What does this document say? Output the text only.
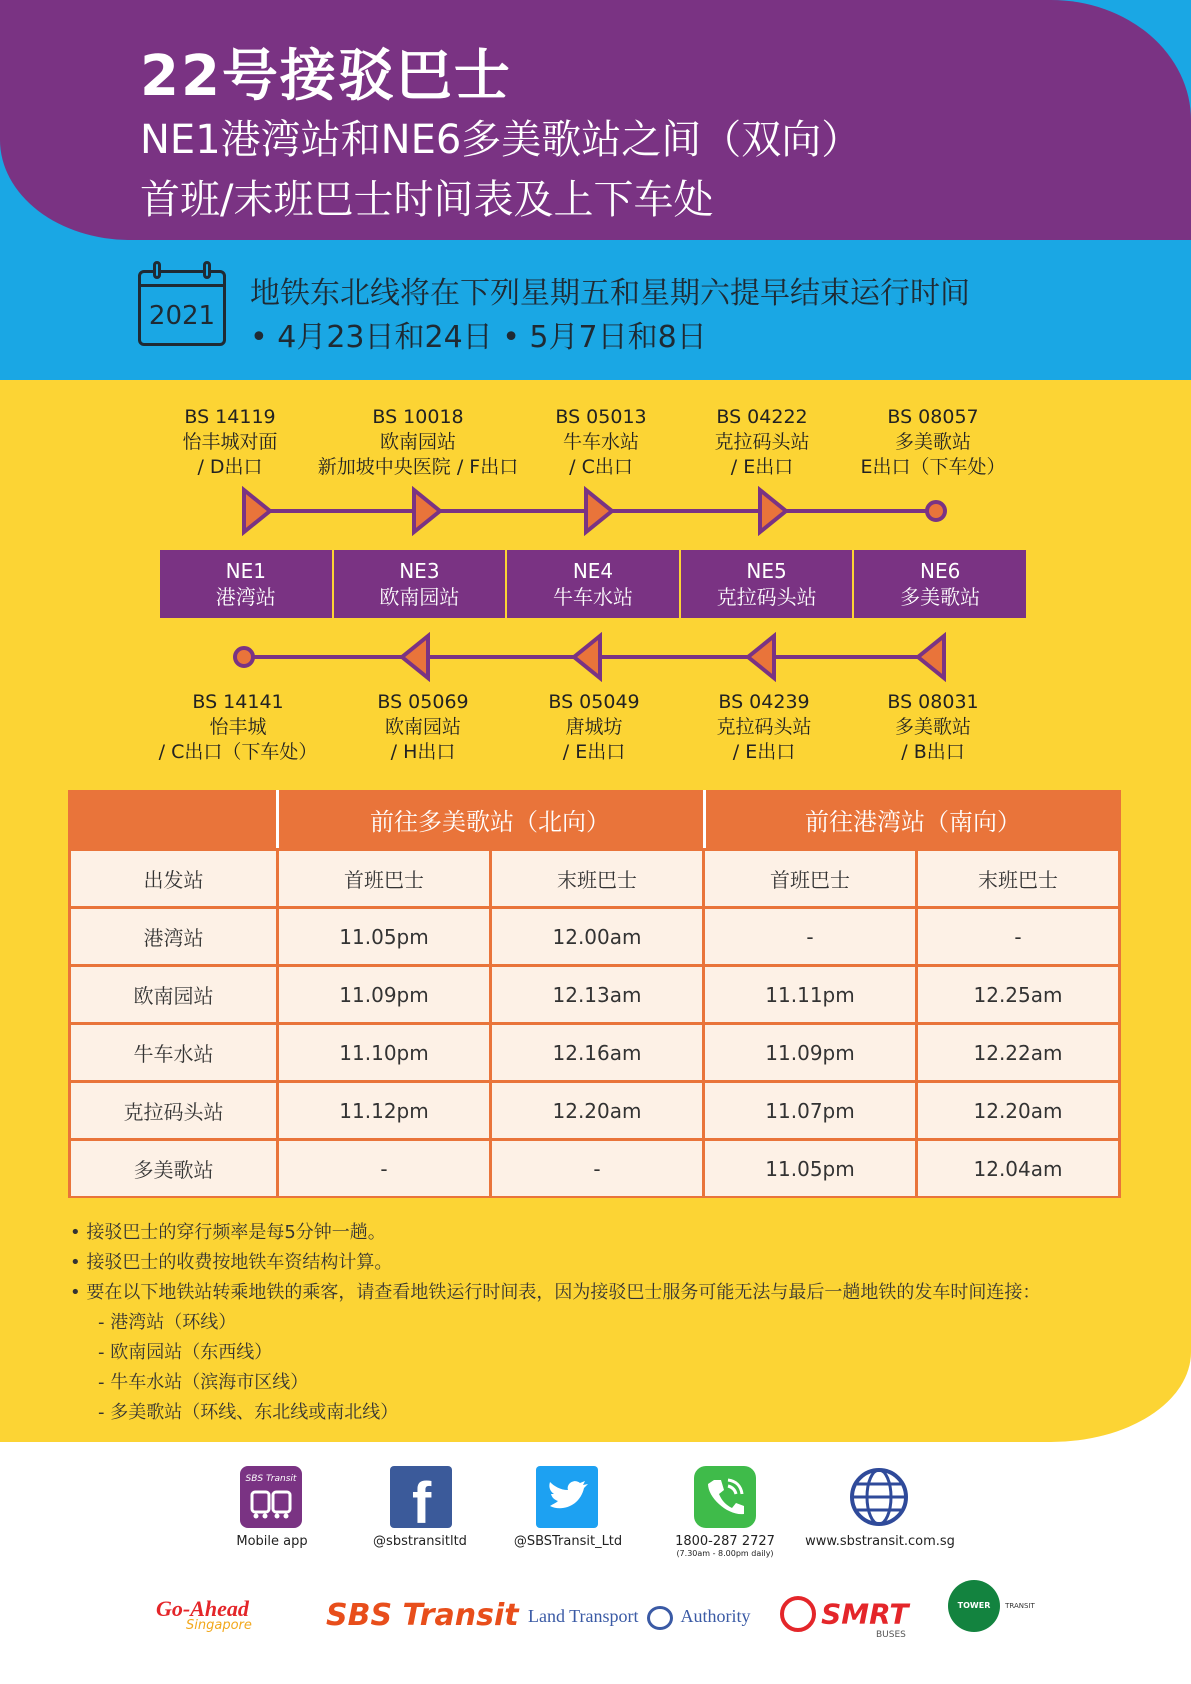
22号接驳巴士
NE1港湾站和NE6多美歌站之间（双向）
首班/末班巴士时间表及上下车处
2021
地铁东北线将在下列星期五和星期六提早结束运行时间
• 4月23日和24日 • 5月7日和8日
BS 14119
怡丰城对面
/ D出口
BS 10018
欧南园站
新加坡中央医院 / F出口
BS 05013
牛车水站
/ C出口
BS 04222
克拉码头站
/ E出口
BS 08057
多美歌站
E出口（下车处）
NE1
港湾站
NE3
欧南园站
NE4
牛车水站
NE5
克拉码头站
NE6
多美歌站
BS 14141
怡丰城
/ C出口（下车处）
BS 05069
欧南园站
/ H出口
BS 05049
唐城坊
/ E出口
BS 04239
克拉码头站
/ E出口
BS 08031
多美歌站
/ B出口
前往多美歌站（北向）	前往港湾站（南向）
出发站	首班巴士	末班巴士	首班巴士	末班巴士
港湾站	11.05pm	12.00am	-	-
欧南园站	11.09pm	12.13am	11.11pm	12.25am
牛车水站	11.10pm	12.16am	11.09pm	12.22am
克拉码头站	11.12pm	12.20am	11.07pm	12.20am
多美歌站	-	-	11.05pm	12.04am
• 接驳巴士的穿行频率是每5分钟一趟。
• 接驳巴士的收费按地铁车资结构计算。
• 要在以下地铁站转乘地铁的乘客，请查看地铁运行时间表，因为接驳巴士服务可能无法与最后一趟地铁的发车时间连接：
- 港湾站（环线）
- 欧南园站（东西线）
- 牛车水站（滨海市区线）
- 多美歌站（环线、东北线或南北线）
SBS Transit
Mobile app
f
@sbstransitltd	@SBSTransit_Ltd	1800-287 2727
(7.30am - 8.00pm daily)
www.sbstransit.com.sg
Go-Ahead
Singapore SBS Transit Land Transport Authority	SMRT
BUSES
TOWER TRANSIT
